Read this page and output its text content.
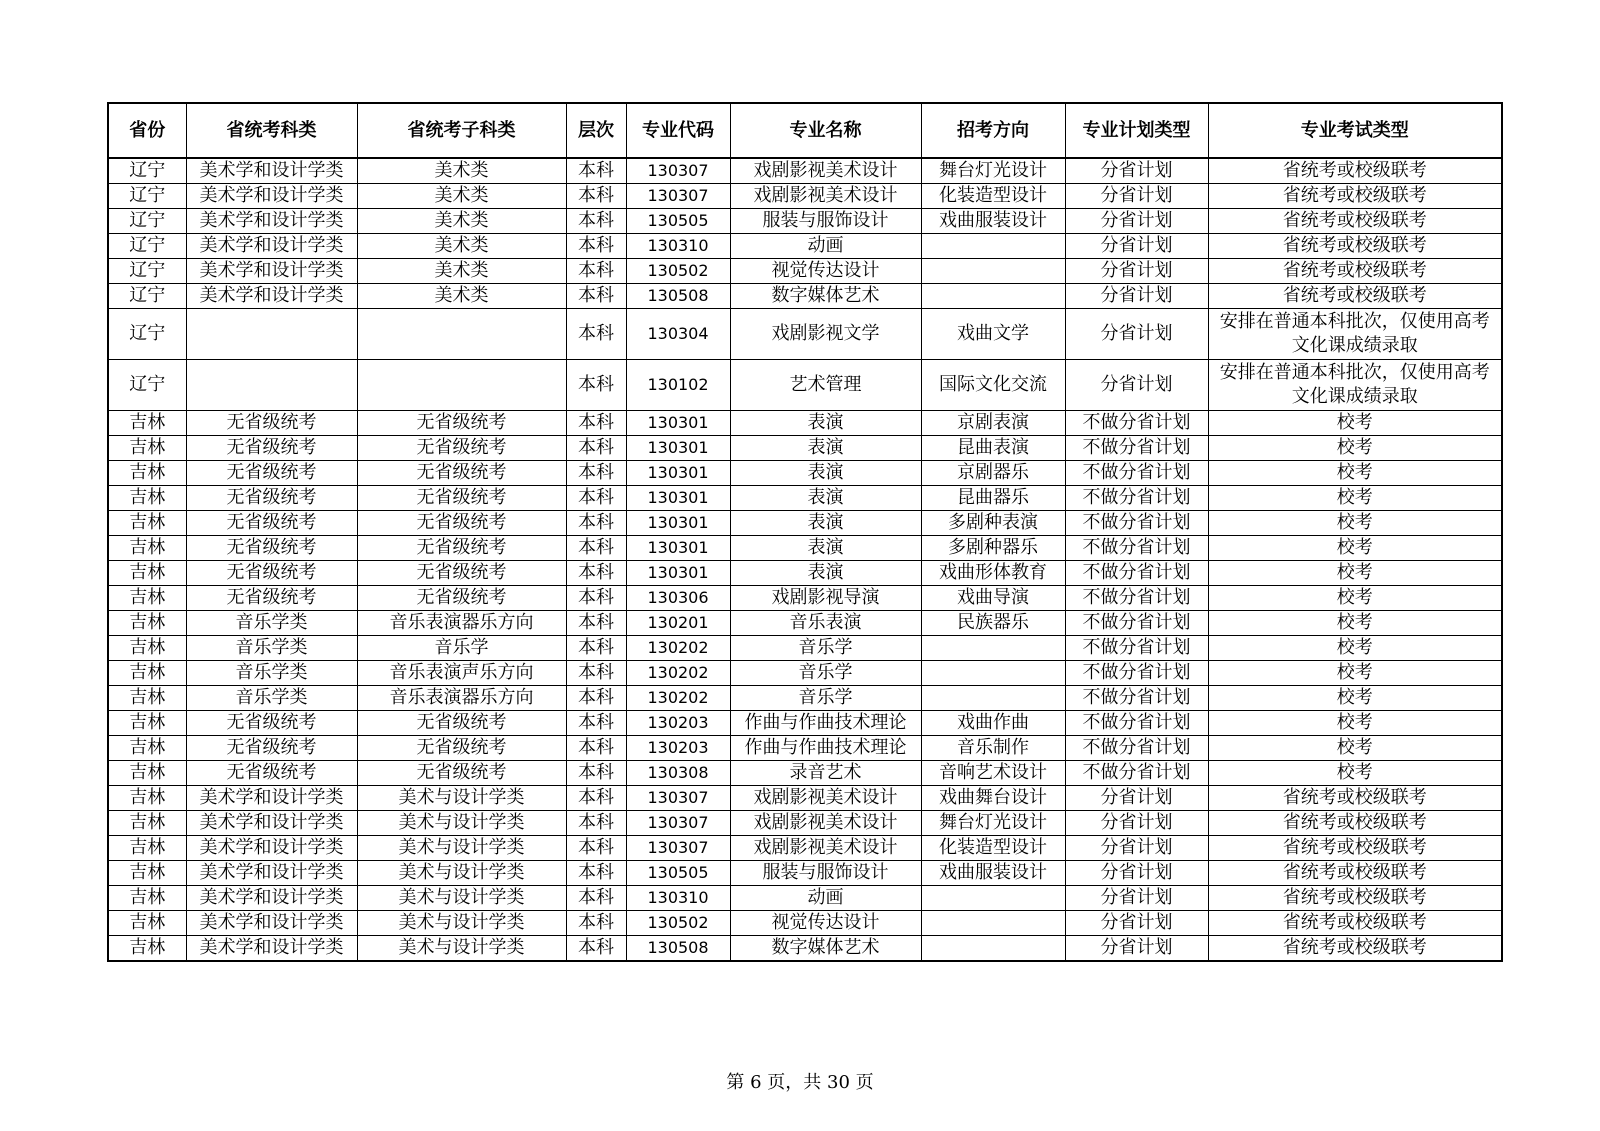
省份	省统考科类	省统考子科类	层次	专业代码	专业名称	招考方向	专业计划类型	专业考试类型
辽宁	美术学和设计学类	美术类	本科	130307	戏剧影视美术设计	舞台灯光设计	分省计划	省统考或校级联考
辽宁	美术学和设计学类	美术类	本科	130307	戏剧影视美术设计	化装造型设计	分省计划	省统考或校级联考
辽宁	美术学和设计学类	美术类	本科	130505	服装与服饰设计	戏曲服装设计	分省计划	省统考或校级联考
辽宁	美术学和设计学类	美术类	本科	130310	动画		分省计划	省统考或校级联考
辽宁	美术学和设计学类	美术类	本科	130502	视觉传达设计		分省计划	省统考或校级联考
辽宁	美术学和设计学类	美术类	本科	130508	数字媒体艺术		分省计划	省统考或校级联考
辽宁			本科	130304	戏剧影视文学	戏曲文学	分省计划	安排在普通本科批次，仅使用高考文化课成绩录取
辽宁			本科	130102	艺术管理	国际文化交流	分省计划	安排在普通本科批次，仅使用高考文化课成绩录取
吉林	无省级统考	无省级统考	本科	130301	表演	京剧表演	不做分省计划	校考
吉林	无省级统考	无省级统考	本科	130301	表演	昆曲表演	不做分省计划	校考
吉林	无省级统考	无省级统考	本科	130301	表演	京剧器乐	不做分省计划	校考
吉林	无省级统考	无省级统考	本科	130301	表演	昆曲器乐	不做分省计划	校考
吉林	无省级统考	无省级统考	本科	130301	表演	多剧种表演	不做分省计划	校考
吉林	无省级统考	无省级统考	本科	130301	表演	多剧种器乐	不做分省计划	校考
吉林	无省级统考	无省级统考	本科	130301	表演	戏曲形体教育	不做分省计划	校考
吉林	无省级统考	无省级统考	本科	130306	戏剧影视导演	戏曲导演	不做分省计划	校考
吉林	音乐学类	音乐表演器乐方向	本科	130201	音乐表演	民族器乐	不做分省计划	校考
吉林	音乐学类	音乐学	本科	130202	音乐学		不做分省计划	校考
吉林	音乐学类	音乐表演声乐方向	本科	130202	音乐学		不做分省计划	校考
吉林	音乐学类	音乐表演器乐方向	本科	130202	音乐学		不做分省计划	校考
吉林	无省级统考	无省级统考	本科	130203	作曲与作曲技术理论	戏曲作曲	不做分省计划	校考
吉林	无省级统考	无省级统考	本科	130203	作曲与作曲技术理论	音乐制作	不做分省计划	校考
吉林	无省级统考	无省级统考	本科	130308	录音艺术	音响艺术设计	不做分省计划	校考
吉林	美术学和设计学类	美术与设计学类	本科	130307	戏剧影视美术设计	戏曲舞台设计	分省计划	省统考或校级联考
吉林	美术学和设计学类	美术与设计学类	本科	130307	戏剧影视美术设计	舞台灯光设计	分省计划	省统考或校级联考
吉林	美术学和设计学类	美术与设计学类	本科	130307	戏剧影视美术设计	化装造型设计	分省计划	省统考或校级联考
吉林	美术学和设计学类	美术与设计学类	本科	130505	服装与服饰设计	戏曲服装设计	分省计划	省统考或校级联考
吉林	美术学和设计学类	美术与设计学类	本科	130310	动画		分省计划	省统考或校级联考
吉林	美术学和设计学类	美术与设计学类	本科	130502	视觉传达设计		分省计划	省统考或校级联考
吉林	美术学和设计学类	美术与设计学类	本科	130508	数字媒体艺术		分省计划	省统考或校级联考
第 6 页，共 30 页
